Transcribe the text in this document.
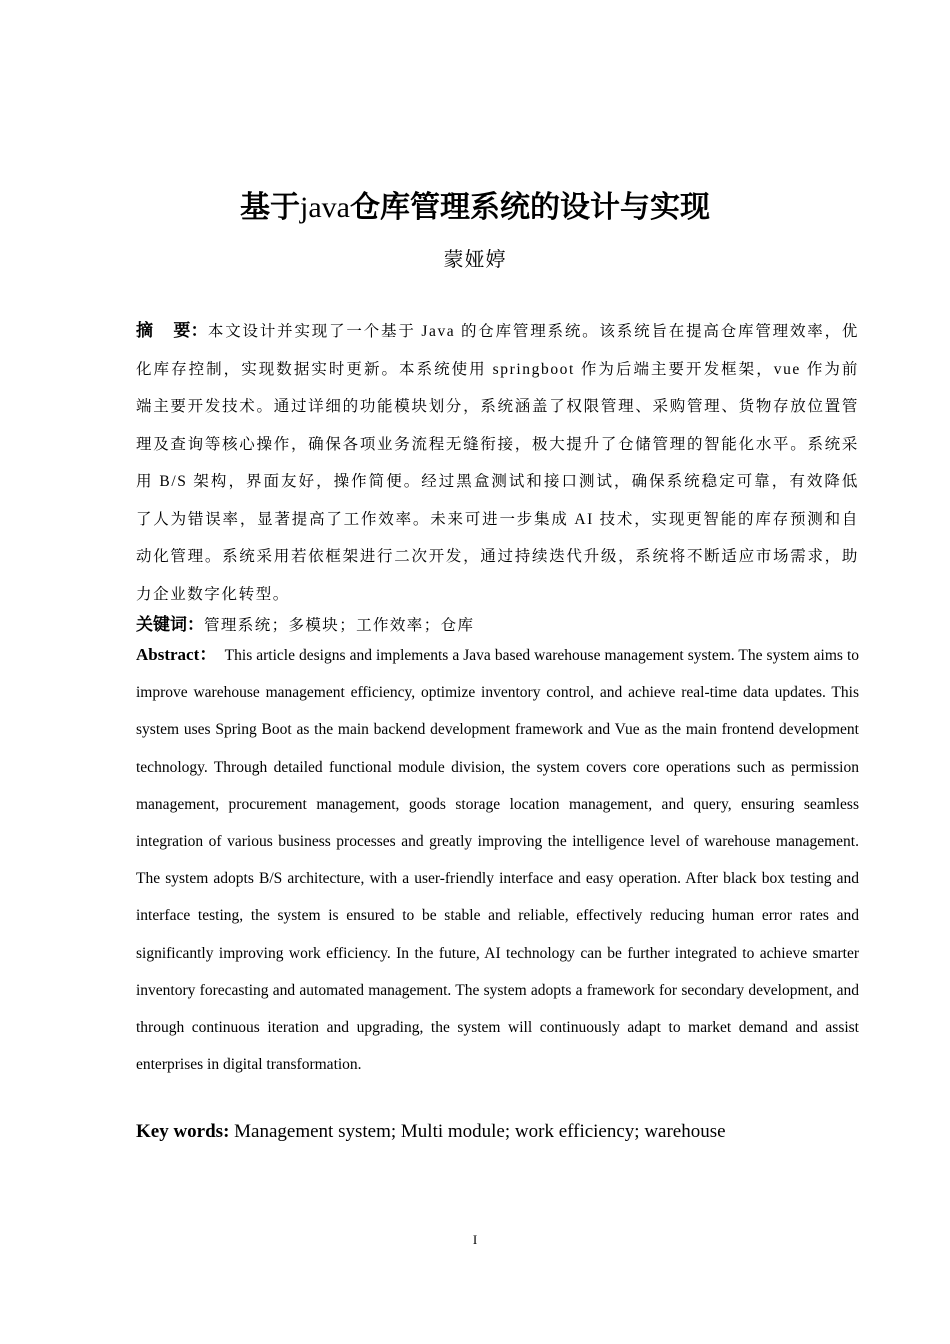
基于java仓库管理系统的设计与实现
蒙娅婷
摘 要：本文设计并实现了一个基于 Java 的仓库管理系统。该系统旨在提高仓库管理效率，优化库存控制，实现数据实时更新。本系统使用 springboot 作为后端主要开发框架，vue 作为前端主要开发技术。通过详细的功能模块划分，系统涵盖了权限管理、采购管理、货物存放位置管理及查询等核心操作，确保各项业务流程无缝衔接，极大提升了仓储管理的智能化水平。系统采用 B/S 架构，界面友好，操作简便。经过黑盒测试和接口测试，确保系统稳定可靠，有效降低了人为错误率，显著提高了工作效率。未来可进一步集成 AI 技术，实现更智能的库存预测和自动化管理。系统采用若依框架进行二次开发，通过持续迭代升级，系统将不断适应市场需求，助力企业数字化转型。
关键词：管理系统；多模块；工作效率；仓库
Abstract： This article designs and implements a Java based warehouse management system. The system aims to improve warehouse management efficiency, optimize inventory control, and achieve real-time data updates. This system uses Spring Boot as the main backend development framework and Vue as the main frontend development technology. Through detailed functional module division, the system covers core operations such as permission management, procurement management, goods storage location management, and query, ensuring seamless integration of various business processes and greatly improving the intelligence level of warehouse management. The system adopts B/S architecture, with a user-friendly interface and easy operation. After black box testing and interface testing, the system is ensured to be stable and reliable, effectively reducing human error rates and significantly improving work efficiency. In the future, AI technology can be further integrated to achieve smarter inventory forecasting and automated management. The system adopts a framework for secondary development, and through continuous iteration and upgrading, the system will continuously adapt to market demand and assist enterprises in digital transformation.
Key words: Management system; Multi module; work efficiency; warehouse
I
